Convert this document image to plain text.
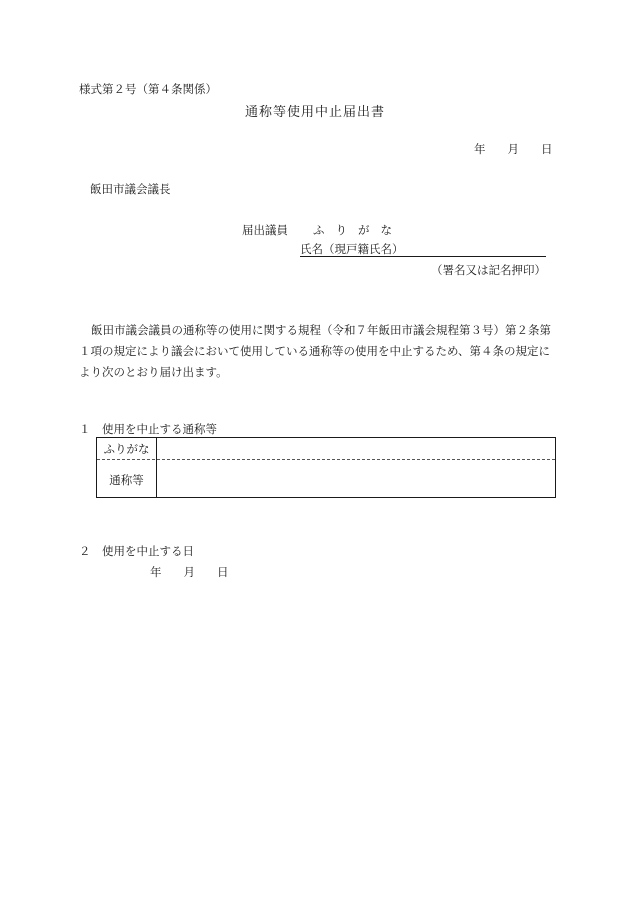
様式第２号（第４条関係）
通称等使用中止届出書
年 月 日
飯田市議会議長
届出議員 ふりがな
氏名（現戸籍氏名）
（署名又は記名押印）
飯田市議会議員の通称等の使用に関する規程（令和７年飯田市議会規程第３号）第２条第１項の規定により議会において使用している通称等の使用を中止するため、第４条の規定により次のとおり届け出ます。
１　使用を中止する通称等
ふりがな
通称等
２　使用を中止する日
年 月 日
